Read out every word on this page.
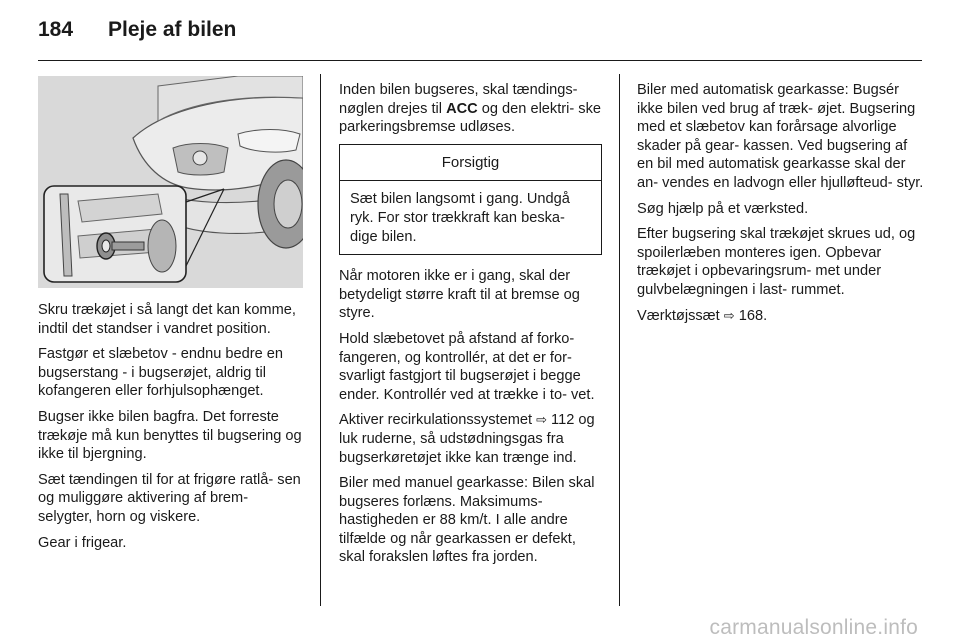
184 Pleje af bilen

Skru trækøjet i så langt det kan komme, indtil det standser i vandret position.

Fastgør et slæbetov - endnu bedre en bugserstang - i bugserøjet, aldrig til kofangeren eller forhjulsophænget.

Bugser ikke bilen bagfra. Det forreste trækøje må kun benyttes til bugsering og ikke til bjergning.

Sæt tændingen til for at frigøre ratlå- sen og muliggøre aktivering af brem- selygter, horn og viskere.

Gear i frigear.

Inden bilen bugseres, skal tændings- nøglen drejes til ACC og den elektri- ske parkeringsbremse udløses.

Forsigtig
Sæt bilen langsomt i gang. Undgå ryk. For stor trækkraft kan beska- dige bilen.

Når motoren ikke er i gang, skal der betydeligt større kraft til at bremse og styre.

Hold slæbetovet på afstand af forko- fangeren, og kontrollér, at det er for- svarligt fastgjort til bugserøjet i begge ender. Kontrollér ved at trække i to- vet.

Aktiver recirkulationssystemet ⇨ 112 og luk ruderne, så udstødningsgas fra bugserkøretøjet ikke kan trænge ind.

Biler med manuel gearkasse: Bilen skal bugseres forlæns. Maksimums- hastigheden er 88 km/t. I alle andre tilfælde og når gearkassen er defekt, skal forakslen løftes fra jorden.

Biler med automatisk gearkasse: Bugsér ikke bilen ved brug af træk- øjet. Bugsering med et slæbetov kan forårsage alvorlige skader på gear- kassen. Ved bugsering af en bil med automatisk gearkasse skal der an- vendes en ladvogn eller hjulløfteud- styr.

Søg hjælp på et værksted.

Efter bugsering skal trækøjet skrues ud, og spoilerlæben monteres igen. Opbevar trækøjet i opbevaringsrum- met under gulvbelægningen i last- rummet.

Værktøjssæt ⇨ 168.

carmanualsonline.info
